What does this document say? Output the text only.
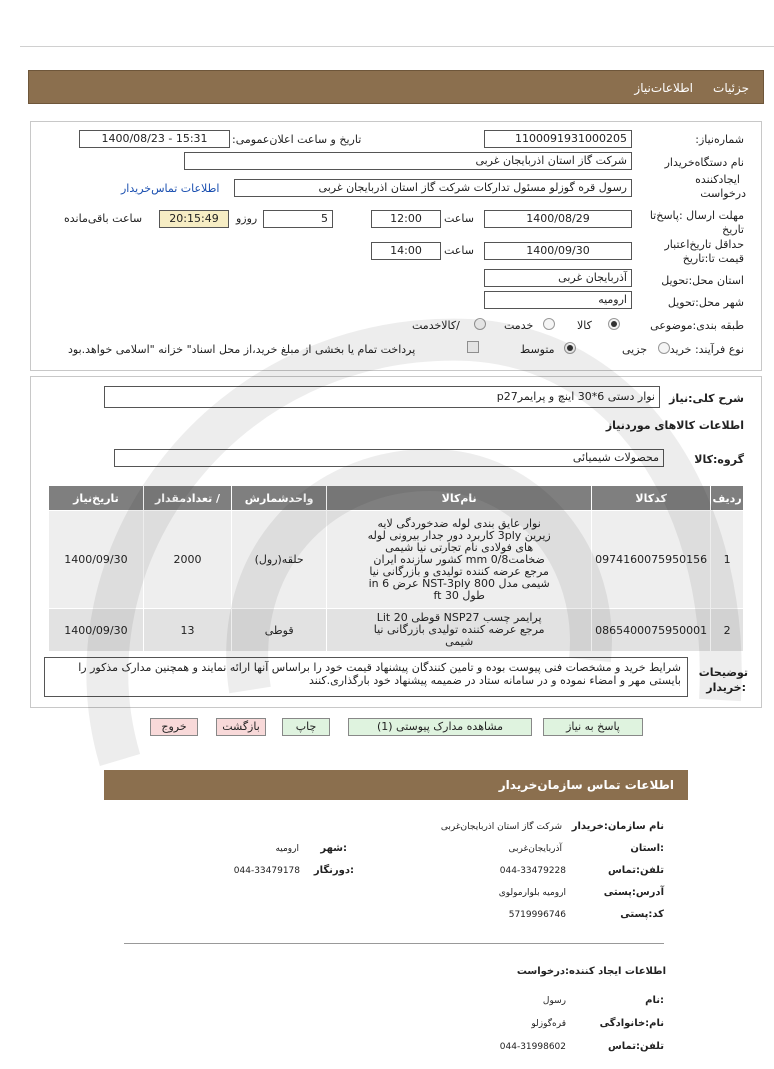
جزئیات
اطلاعات‌نیاز
شماره‌نیاز:
1100091931000205
تاریخ و ساعت اعلان‌عمومی:
1400/08/23 - 15:31
نام دستگاه‌خریدار
شرکت گاز استان اذربایجان غربی
ایجادکننده
درخواست
رسول قره گوزلو مسئول تدارکات شرکت گاز استان اذربایجان غربی
اطلاعات تماس‌خریدار
مهلت ارسال :پاسخ‌تا
تاریخ
1400/08/29
ساعت
12:00
5
روزو
20:15:49
ساعت باقی‌مانده
حداقل تاریخ‌اعتبار
قیمت تا:تاریخ
1400/09/30
ساعت
14:00
استان محل:تحویل
آذربایجان غربی
شهر محل:تحویل
ارومیه
طبقه بندی:موضوعی
کالا
خدمت
/کالاخدمت
نوع فرآیند: خرید
جزیی
متوسط
پرداخت تمام یا بخشی از مبلغ خرید،از محل اسناد" خزانه "اسلامی خواهد.بود
شرح کلی:نیاز
نوار دستی 6*30 اینچ و پرایمرp27
اطلاعات کالاهای موردنیاز
گروه:کالا
محصولات شیمیائی
ردیف	کدکالا	نام‌کالا	واحدشمارش	/ تعدادمقدار	تاریخ‌نیاز
1	0974160075950156	نوار عایق بندی لوله ضدخوردگی لایه زیرین 3ply کاربرد دور جدار بیرونی لوله های فولادی نام تجارتی نیا شیمی ضخامت0/8 mm کشور سازنده ایران مرجع عرضه کننده تولیدی و بازرگانی نیا شیمی مدل NST-3ply 800 عرض 6 in طول 30 ft	حلقه(رول)	2000	1400/09/30
2	0865400075950001	پرایمر چسب NSP27 قوطی 20 Lit مرجع عرضه کننده تولیدی بازرگانی نیا شیمی	قوطی	13	1400/09/30
توضیحات
:خریدار
شرایط خرید و مشخصات فنی پیوست بوده و تامین کنندگان پیشنهاد قیمت خود را براساس آنها ارائه نمایند و همچنین مدارک مذکور را بایستی مهر و امضاء نموده و در سامانه ستاد در ضمیمه پیشنهاد خود بارگذاری.کنند
پاسخ به نیاز
مشاهده مدارک پیوستی (1)
چاپ
بازگشت
خروج
اطلاعات تماس سازمان‌خریدار
نام سازمان:خریدار
شرکت گاز استان اذربایجان‌غربی
:استان
آذربایجان‌غربی
:شهر
ارومیه
تلفن:تماس
044-33479228
:دورنگار
044-33479178
آدرس:پستی
ارومیه بلوارمولوی
کد:پستی
5719996746
اطلاعات ایجاد کننده:درخواست
:نام
رسول
نام:خانوادگی
قره‌گوزلو
تلفن:تماس
044-31998602
